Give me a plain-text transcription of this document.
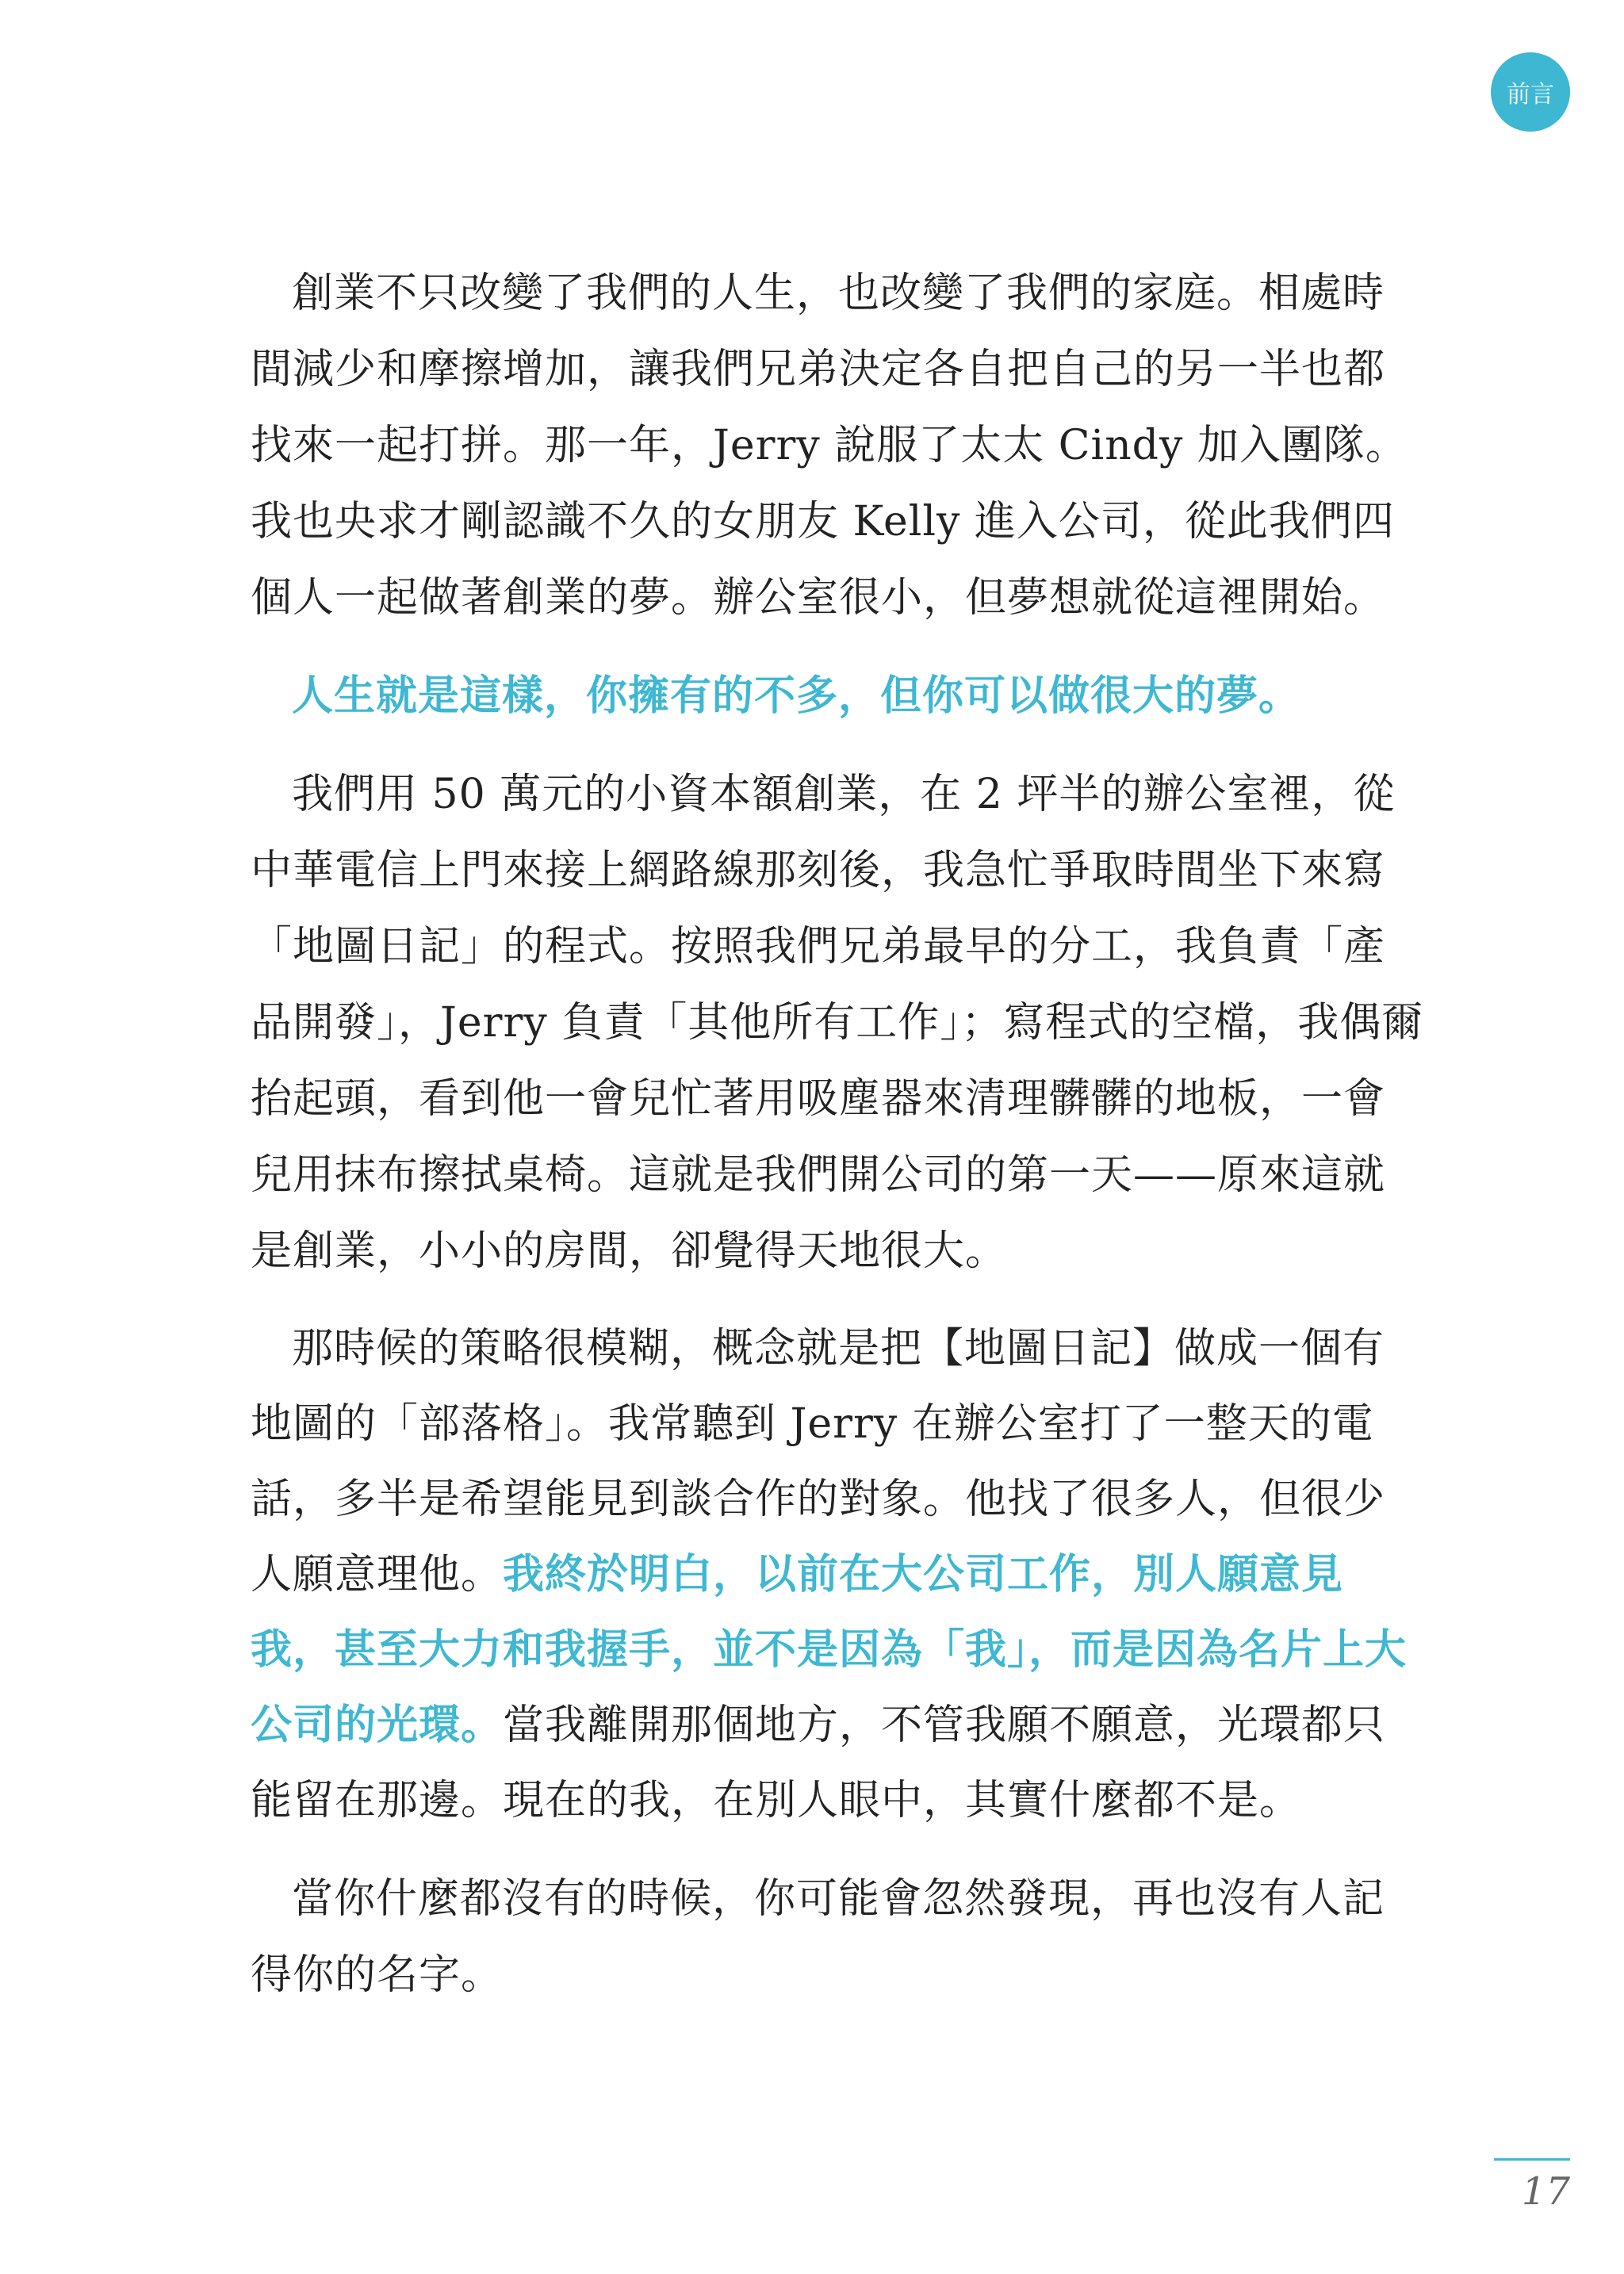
前言

創業不只改變了我們的人生，也改變了我們的家庭。相處時間減少和摩擦增加，讓我們兄弟決定各自把自己的另一半也都找來一起打拼。那一年，Jerry 說服了太太 Cindy 加入團隊。我也央求才剛認識不久的女朋友 Kelly 進入公司，從此我們四個人一起做著創業的夢。辦公室很小，但夢想就從這裡開始。

人生就是這樣，你擁有的不多，但你可以做很大的夢。

我們用 50 萬元的小資本額創業，在 2 坪半的辦公室裡，從中華電信上門來接上網路線那刻後，我急忙爭取時間坐下來寫「地圖日記」的程式。按照我們兄弟最早的分工，我負責「產品開發」，Jerry 負責「其他所有工作」；寫程式的空檔，我偶爾抬起頭，看到他一會兒忙著用吸塵器來清理髒髒的地板，一會兒用抹布擦拭桌椅。這就是我們開公司的第一天——原來這就是創業，小小的房間，卻覺得天地很大。

那時候的策略很模糊，概念就是把【地圖日記】做成一個有地圖的「部落格」。我常聽到 Jerry 在辦公室打了一整天的電話，多半是希望能見到談合作的對象。他找了很多人，但很少人願意理他。我終於明白，以前在大公司工作，別人願意見我，甚至大力和我握手，並不是因為「我」，而是因為名片上大公司的光環。當我離開那個地方，不管我願不願意，光環都只能留在那邊。現在的我，在別人眼中，其實什麼都不是。

當你什麼都沒有的時候，你可能會忽然發現，再也沒有人記得你的名字。

17
